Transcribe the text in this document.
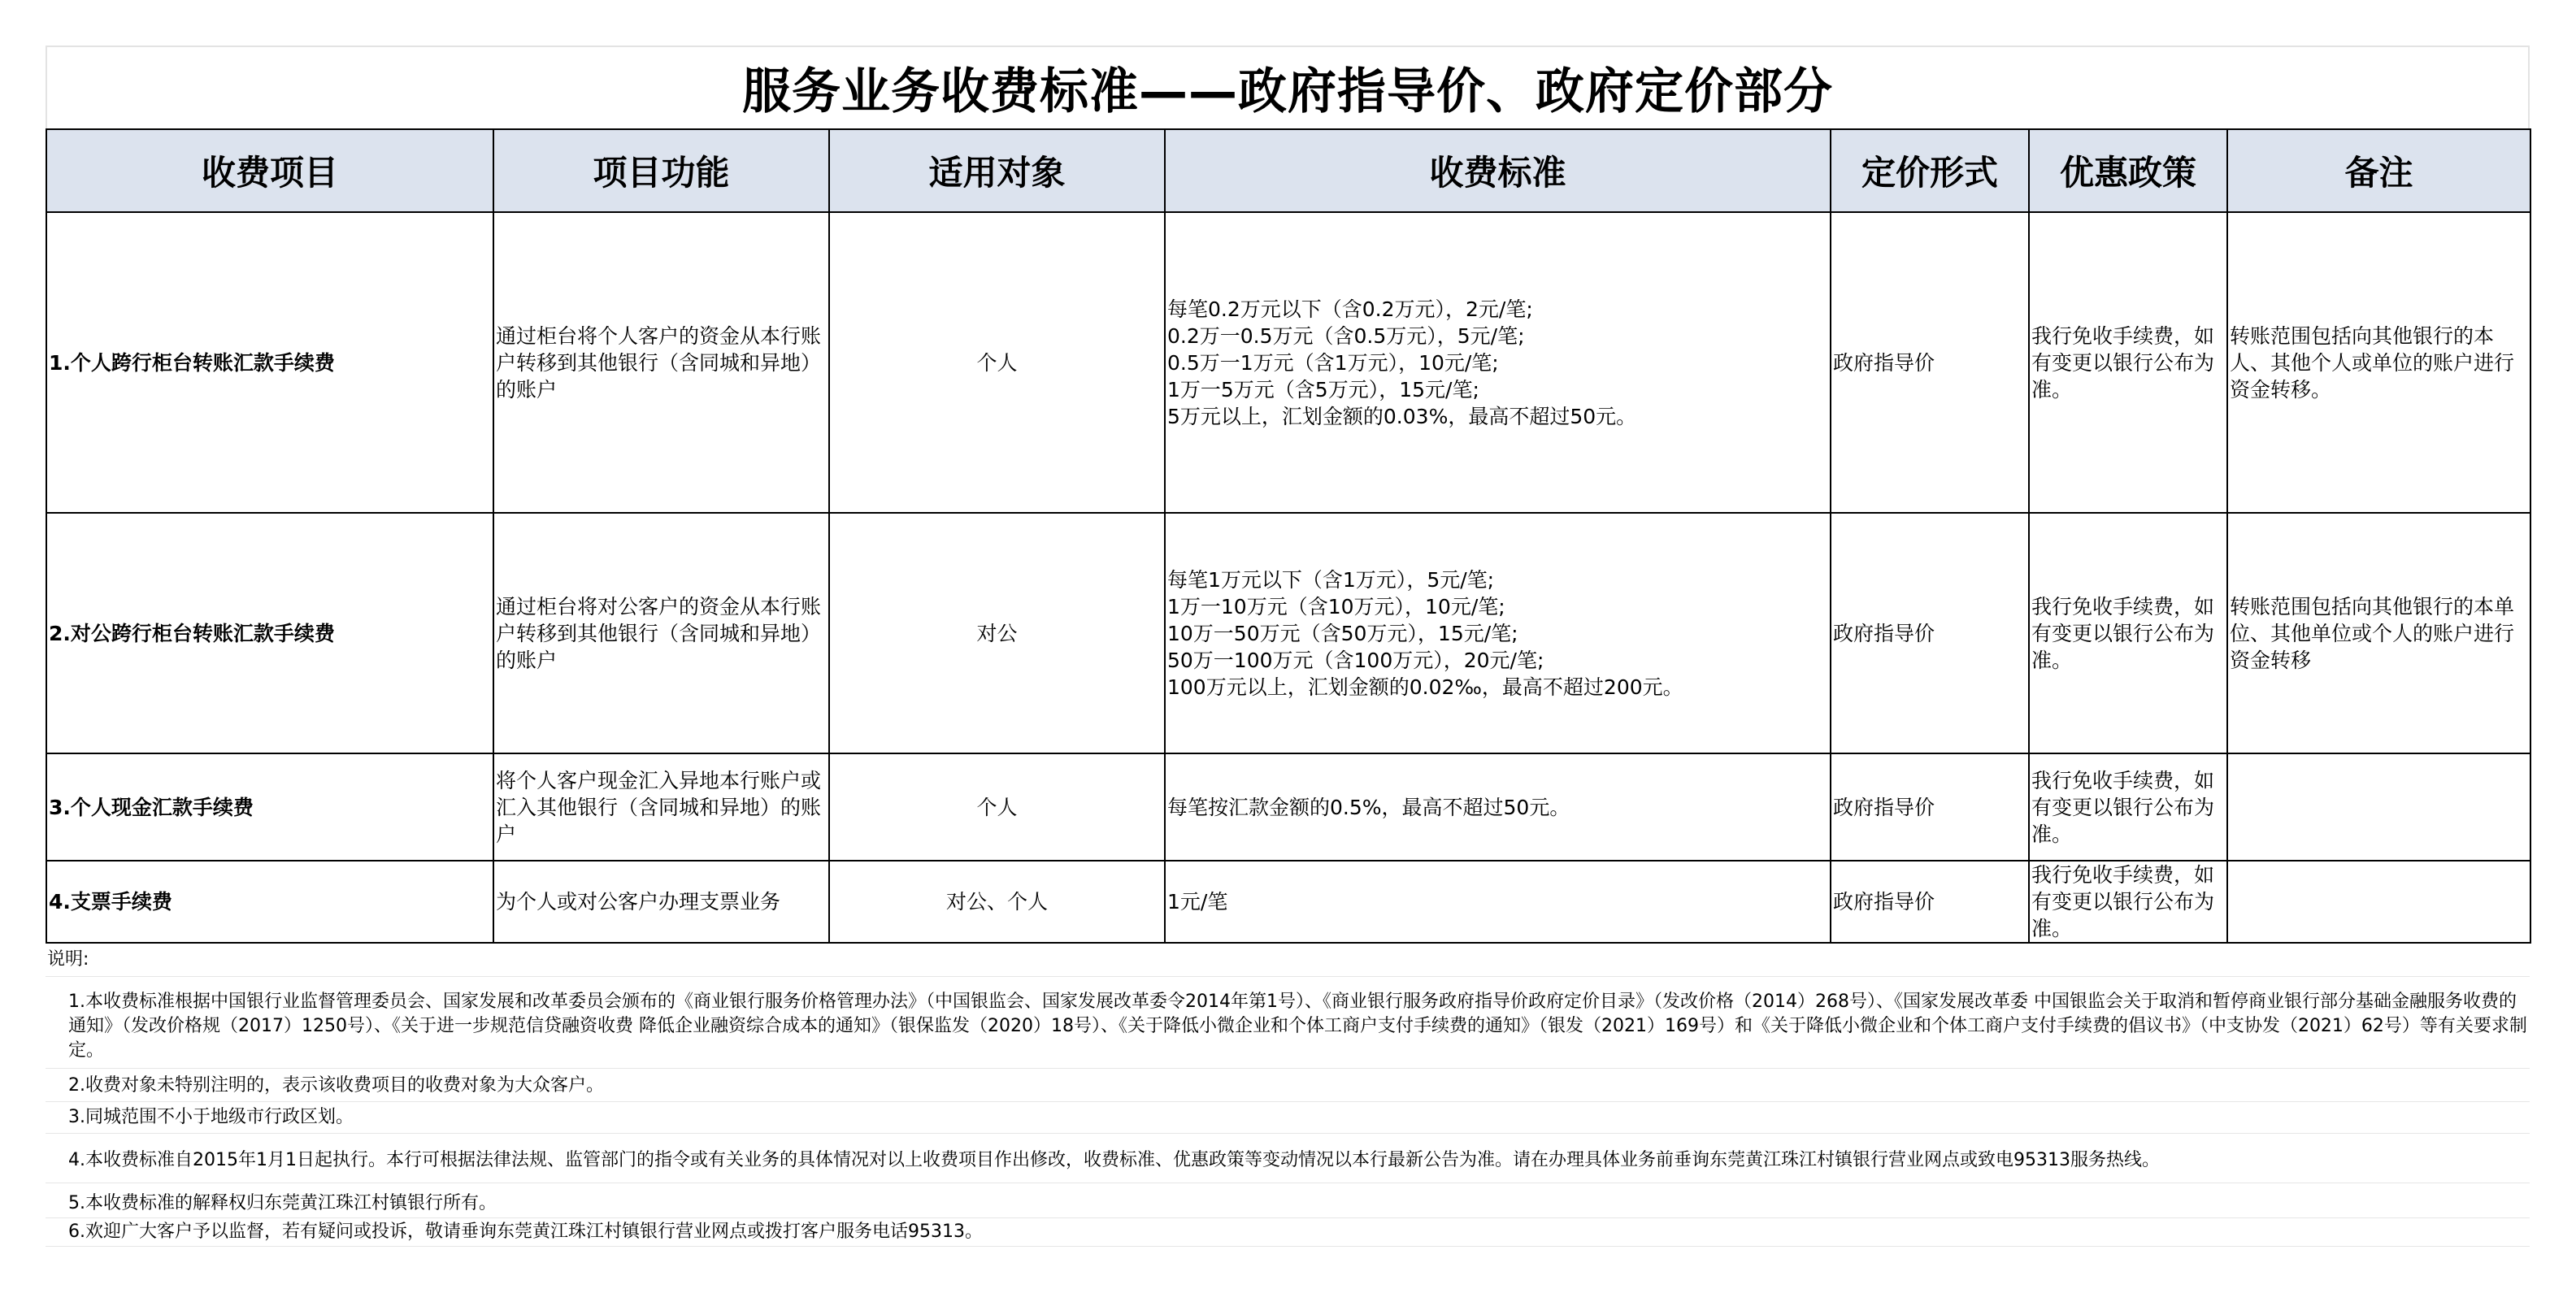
服务业务收费标准——政府指导价、政府定价部分
收费项目	项目功能	适用对象	收费标准	定价形式	优惠政策	备注
1.个人跨行柜台转账汇款手续费	通过柜台将个人客户的资金从本行账户转移到其他银行（含同城和异地）的账户	个人	每笔0.2万元以下（含0.2万元），2元/笔;
0.2万一0.5万元（含0.5万元），5元/笔;
0.5万一1万元（含1万元），10元/笔;
1万一5万元（含5万元），15元/笔;
5万元以上，汇划金额的0.03%，最高不超过50元。	政府指导价	我行免收手续费，如有变更以银行公布为准。	转账范围包括向其他银行的本人、其他个人或单位的账户进行资金转移。
2.对公跨行柜台转账汇款手续费	通过柜台将对公客户的资金从本行账户转移到其他银行（含同城和异地）的账户	对公	每笔1万元以下（含1万元），5元/笔;
1万一10万元（含10万元），10元/笔;
10万一50万元（含50万元），15元/笔;
50万一100万元（含100万元），20元/笔;
100万元以上，汇划金额的0.02‰，最高不超过200元。	政府指导价	我行免收手续费，如有变更以银行公布为准。	转账范围包括向其他银行的本单位、其他单位或个人的账户进行资金转移
3.个人现金汇款手续费	将个人客户现金汇入异地本行账户或汇入其他银行（含同城和异地）的账户	个人	每笔按汇款金额的0.5%，最高不超过50元。	政府指导价	我行免收手续费，如有变更以银行公布为准。	
4.支票手续费	为个人或对公客户办理支票业务	对公、个人	1元/笔	政府指导价	我行免收手续费，如有变更以银行公布为准。	
说明:
1.本收费标准根据中国银行业监督管理委员会、国家发展和改革委员会颁布的《商业银行服务价格管理办法》（中国银监会、国家发展改革委令2014年第1号）、《商业银行服务政府指导价政府定价目录》（发改价格（2014）268号）、《国家发展改革委 中国银监会关于取消和暂停商业银行部分基础金融服务收费的通知》（发改价格规（2017）1250号）、《关于进一步规范信贷融资收费 降低企业融资综合成本的通知》（银保监发（2020）18号）、《关于降低小微企业和个体工商户支付手续费的通知》（银发（2021）169号）和《关于降低小微企业和个体工商户支付手续费的倡议书》（中支协发（2021）62号）等有关要求制定。
2.收费对象未特别注明的，表示该收费项目的收费对象为大众客户。
3.同城范围不小于地级市行政区划。
4.本收费标准自2015年1月1日起执行。本行可根据法律法规、监管部门的指令或有关业务的具体情况对以上收费项目作出修改，收费标准、优惠政策等变动情况以本行最新公告为准。请在办理具体业务前垂询东莞黄江珠江村镇银行营业网点或致电95313服务热线。
5.本收费标准的解释权归东莞黄江珠江村镇银行所有。
6.欢迎广大客户予以监督，若有疑问或投诉，敬请垂询东莞黄江珠江村镇银行营业网点或拨打客户服务电话95313。
